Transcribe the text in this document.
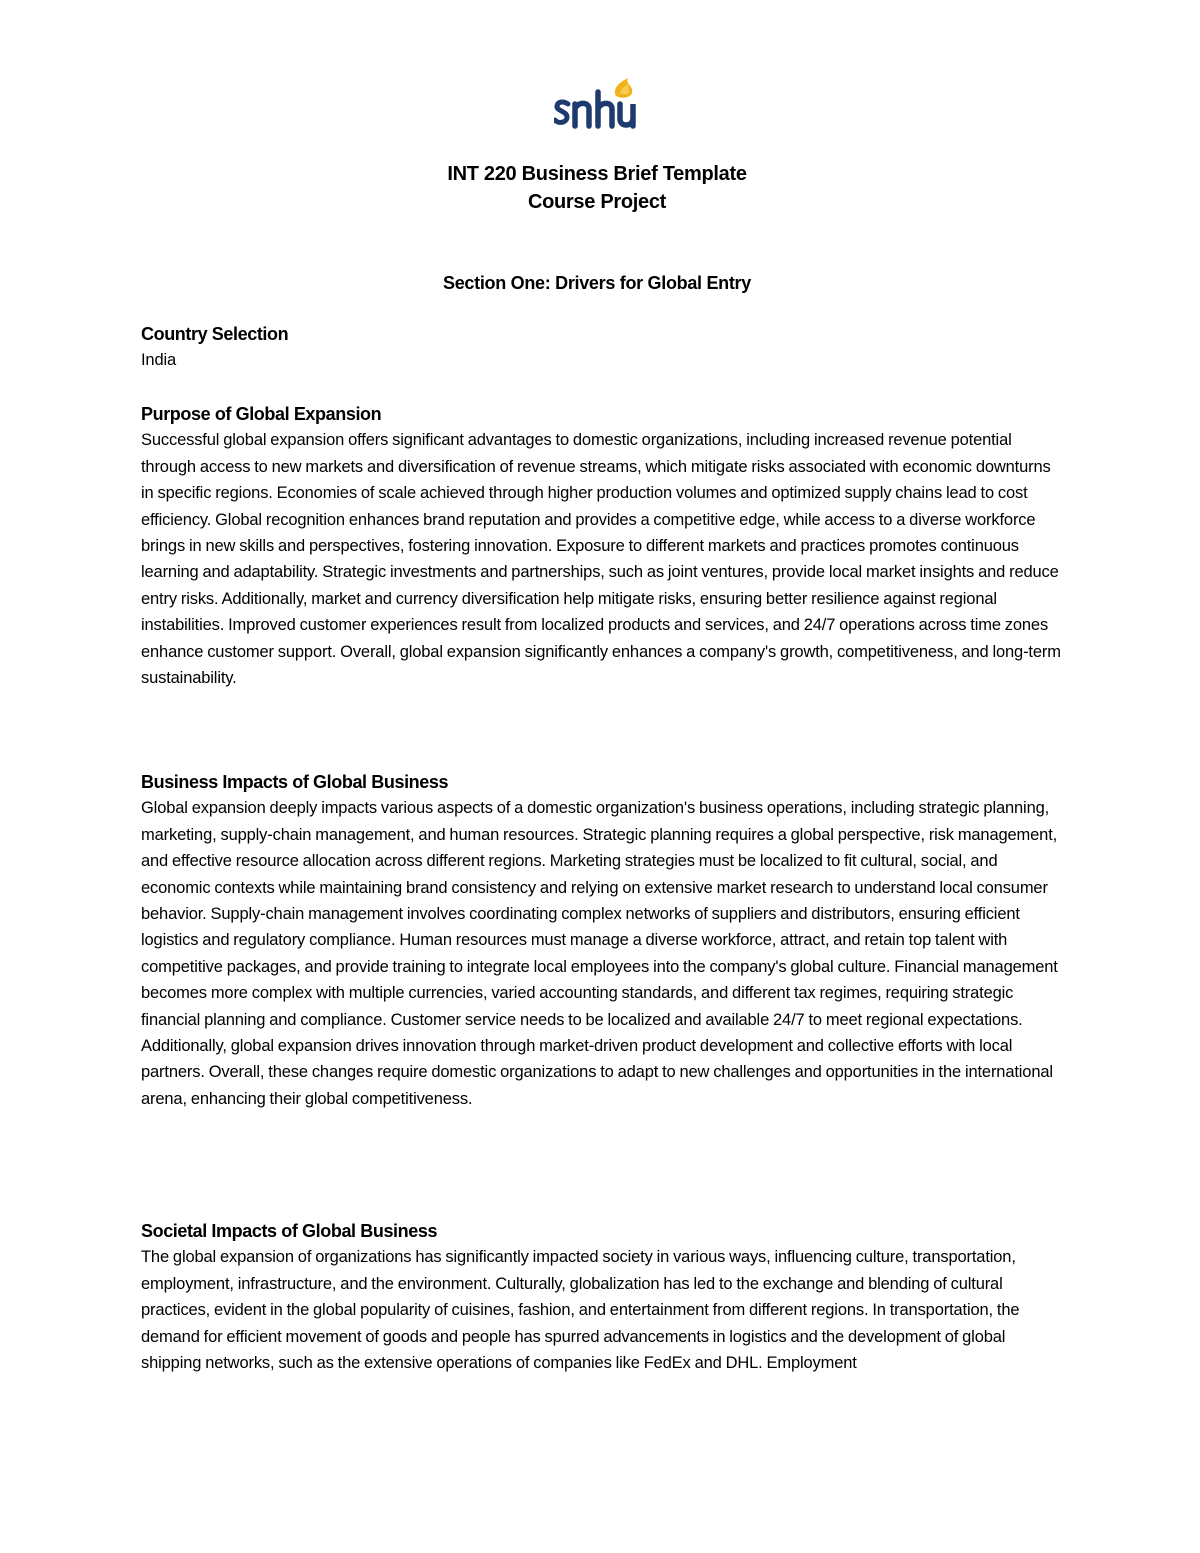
INT 220 Business Brief Template
Course Project
Section One: Drivers for Global Entry
Country Selection

India

Purpose of Global Expansion

Successful global expansion offers significant advantages to domestic organizations, including increased revenue potential through access to new markets and diversification of revenue streams, which mitigate risks associated with economic downturns in specific regions. Economies of scale achieved through higher production volumes and optimized supply chains lead to cost efficiency. Global recognition enhances brand reputation and provides a competitive edge, while access to a diverse workforce brings in new skills and perspectives, fostering innovation. Exposure to different markets and practices promotes continuous learning and adaptability. Strategic investments and partnerships, such as joint ventures, provide local market insights and reduce entry risks. Additionally, market and currency diversification help mitigate risks, ensuring better resilience against regional instabilities. Improved customer experiences result from localized products and services, and 24/7 operations across time zones enhance customer support. Overall, global expansion significantly enhances a company's growth, competitiveness, and long-term sustainability.

Business Impacts of Global Business

Global expansion deeply impacts various aspects of a domestic organization's business operations, including strategic planning, marketing, supply-chain management, and human resources. Strategic planning requires a global perspective, risk management, and effective resource allocation across different regions. Marketing strategies must be localized to fit cultural, social, and economic contexts while maintaining brand consistency and relying on extensive market research to understand local consumer behavior. Supply-chain management involves coordinating complex networks of suppliers and distributors, ensuring efficient logistics and regulatory compliance. Human resources must manage a diverse workforce, attract, and retain top talent with competitive packages, and provide training to integrate local employees into the company's global culture. Financial management becomes more complex with multiple currencies, varied accounting standards, and different tax regimes, requiring strategic financial planning and compliance. Customer service needs to be localized and available 24/7 to meet regional expectations. Additionally, global expansion drives innovation through market-driven product development and collective efforts with local partners. Overall, these changes require domestic organizations to adapt to new challenges and opportunities in the international arena, enhancing their global competitiveness.

Societal Impacts of Global Business

The global expansion of organizations has significantly impacted society in various ways, influencing culture, transportation, employment, infrastructure, and the environment. Culturally, globalization has led to the exchange and blending of cultural practices, evident in the global popularity of cuisines, fashion, and entertainment from different regions. In transportation, the demand for efficient movement of goods and people has spurred advancements in logistics and the development of global shipping networks, such as the extensive operations of companies like FedEx and DHL. Employment
